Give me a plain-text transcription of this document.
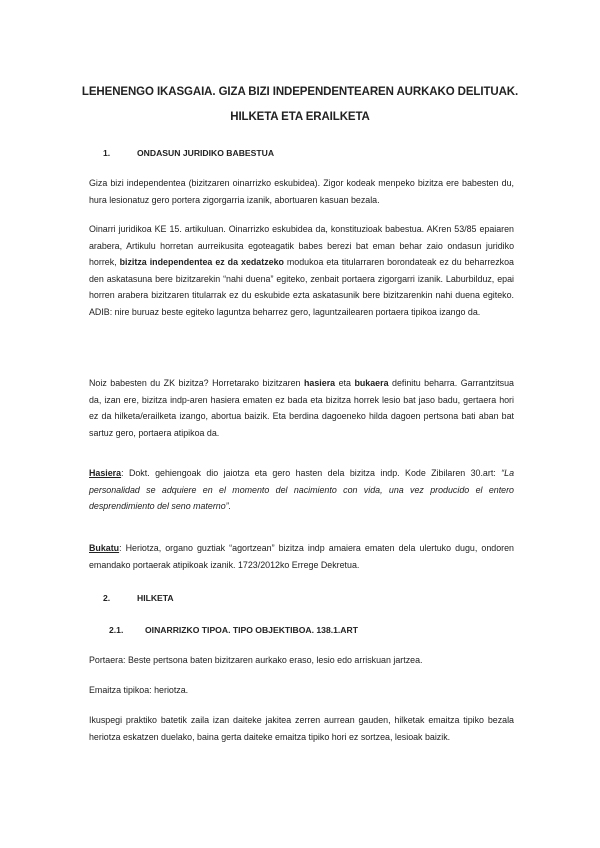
LEHENENGO IKASGAIA. GIZA BIZI INDEPENDENTEAREN AURKAKO DELITUAK.
HILKETA ETA ERAILKETA
1.	ONDASUN JURIDIKO BABESTUA
Giza bizi independentea (bizitzaren oinarrizko eskubidea). Zigor kodeak menpeko bizitza ere babesten du, hura lesionatuz gero portera zigorgarria izanik, abortuaren kasuan bezala.
Oinarri juridikoa KE 15. artikuluan. Oinarrizko eskubidea da, konstituzioak babestua. AKren 53/85 epaiaren arabera, Artikulu horretan aurreikusita egoteagatik babes berezi bat eman behar zaio ondasun juridiko horrek, bizitza independentea ez da xedatzeko modukoa eta titularraren borondateak ez du beharrezkoa den askatasuna bere bizitzarekin “nahi duena” egiteko, zenbait portaera zigorgarri izanik. Laburbilduz, epai horren arabera bizitzaren titularrak ez du eskubide ezta askatasunik bere bizitzarenkin nahi duena egiteko. ADIB: nire buruaz beste egiteko laguntza beharrez gero, laguntzailearen portaera tipikoa izango da.
Noiz babesten du ZK bizitza? Horretarako bizitzaren hasiera eta bukaera definitu beharra. Garrantzitsua da, izan ere, bizitza indp-aren hasiera ematen ez bada eta bizitza horrek lesio bat jaso badu, gertaera hori ez da hilketa/erailketa izango, abortua baizik. Eta berdina dagoeneko hilda dagoen pertsona bati aban bat sartuz gero, portaera atipikoa da.
Hasiera: Dokt. gehiengoak dio jaiotza eta gero hasten dela bizitza indp. Kode Zibilaren 30.art: “La personalidad se adquiere en el momento del nacimiento con vida, una vez producido el entero desprendimiento del seno materno”.
Bukatu: Heriotza, organo guztiak “agortzean” bizitza indp amaiera ematen dela ulertuko dugu, ondoren emandako portaerak atipikoak izanik. 1723/2012ko Errege Dekretua.
2.	HILKETA
2.1.	OINARRIZKO TIPOA. TIPO OBJEKTIBOA. 138.1.ART
Portaera: Beste pertsona baten bizitzaren aurkako eraso, lesio edo arriskuan jartzea.
Emaitza tipikoa: heriotza.
Ikuspegi praktiko batetik zaila izan daiteke jakitea zerren aurrean gauden, hilketak emaitza tipiko bezala heriotza eskatzen duelako, baina gerta daiteke emaitza tipiko hori ez sortzea, lesioak baizik.
